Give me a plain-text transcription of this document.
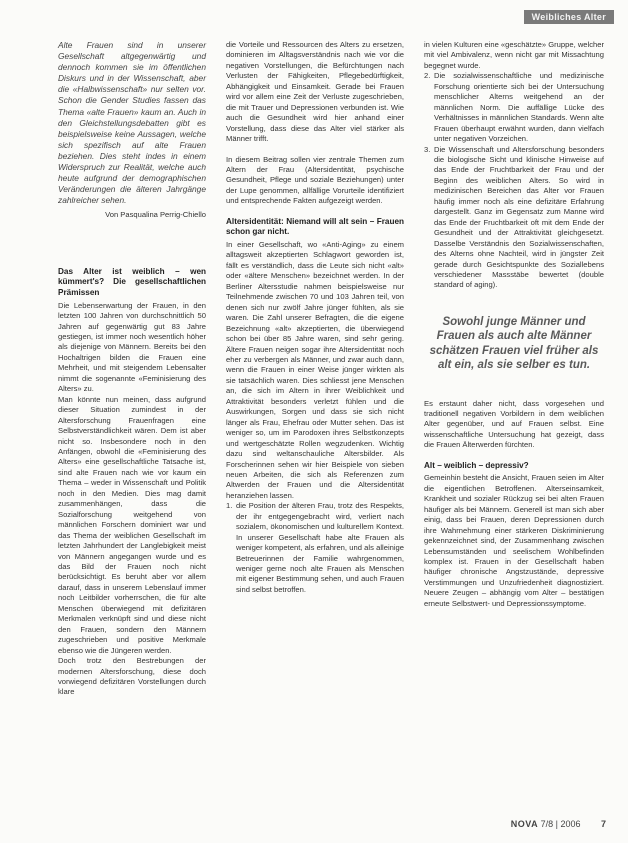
Weibliches Alter

Alte Frauen sind in unserer Gesellschaft altgegenwärtig und dennoch kommen sie im öffentlichen Diskurs und in der Wissenschaft, aber die «Halbwissenschaft» nur selten vor. Schon die Gender Studies fassen das Thema «alte Frauen» kaum an. Auch in den Gleichstellungsdebatten gibt es beispielsweise keine Aussagen, welche sich spezifisch auf alte Frauen beziehen. Dies steht indes in einem Widerspruch zur Realität, welche auch heute aufgrund der demographischen Veränderungen die älteren Jahrgänge zahlreicher sehen.

Von Pasqualina Perrig-Chiello

Das Alter ist weiblich – wen kümmert's? Die gesellschaftlichen Prämissen

Die Lebenserwartung der Frauen, in den letzten 100 Jahren von durchschnittlich 50 Jahren auf gegenwärtig gut 83 Jahre gestiegen, ist immer noch wesentlich höher als diejenige von Männern. Bereits bei den Hochaltrigen bilden die Frauen eine Mehrheit, und mit steigendem Lebensalter nimmt die sogenannte «Feminisierung des Alters» zu.

Man könnte nun meinen, dass aufgrund dieser Situation zumindest in der Altersforschung Frauenfragen eine Selbstverständlichkeit wären. Dem ist aber nicht so. Insbesondere noch in den Anfängen, obwohl die «Feminisierung des Alters» eine gesellschaftliche Tatsache ist, sind alte Frauen nach wie vor kaum ein Thema – weder in Wissenschaft und Politik noch in den Medien. Dies mag damit zusammenhängen, dass die Sozialforschung weitgehend von männlichen Forschern dominiert war und das Thema der weiblichen Gesellschaft im letzten Jahrhundert der Langlebigkeit meist von Männern angegangen wurde und es das Bild der Frauen noch nicht berücksichtigt. Es beruht aber vor allem darauf, dass in unserem Lebenslauf immer noch Leitbilder vorherrschen, die für alte Menschen überwiegend mit defizitären Merkmalen verknüpft sind und diese nicht den Frauen, sondern den Männern zugeschrieben und positive Merkmale ebenso wie die Jüngeren werden.

Doch trotz den Bestrebungen der modernen Altersforschung, diese doch vorwiegend defizitären Vorstellungen durch klare

die Vorteile und Ressourcen des Alters zu ersetzen, dominieren im Alltagsverständnis nach wie vor die negativen Vorstellungen, die Befürchtungen nach Verlusten der Fähigkeiten, Pflegebedürftigkeit, Abhängigkeit und Einsamkeit. Gerade bei Frauen wird vor allem eine Zeit der Verluste zugeschrieben, die mit Trauer und Depressionen verbunden ist. Wie auch die Gesundheit wird hier anhand einer Vorstellung, dass diese das Alter viel stärker als Männer trifft.

In diesem Beitrag sollen vier zentrale Themen zum Altern der Frau (Altersidentität, psychische Gesundheit, Pflege und soziale Beziehungen) unter der Lupe genommen, allfällige Vorurteile identifiziert und entsprechende Fakten aufgezeigt werden.

Altersidentität: Niemand will alt sein – Frauen schon gar nicht.

In einer Gesellschaft, wo «Anti-Aging» zu einem alltagsweit akzeptierten Schlagwort geworden ist, fällt es verständlich, dass die Leute sich nicht «alt» oder «ältere Menschen» bezeichnet werden. In der Berliner Altersstudie nahmen beispielsweise nur Teilnehmende zwischen 70 und 103 Jahren teil, von denen sich nur zwölf Jahre jünger fühlten, als sie waren. Die Zahl unserer Befragten, die die eigene Bezeichnung «alt» akzeptierten, die überwiegend schon bei über 85 Jahre waren, sind sehr gering. Ältere Frauen neigen sogar ihre Altersidentität noch eher zu verbergen als Männer, und zwar auch dann, wenn die Frauen in einer Weise jünger wirkten als sie tatsächlich waren. Dies schliesst jene Menschen an, die sich im Altern in ihrer Weiblichkeit und Attraktivität besonders verletzt fühlen und die Auswirkungen, Sorgen und dass sie sich nicht länger als Frau, Ehefrau oder Mutter sehen. Das ist weniger so, um im Parodoxen ihres Selbstkonzepts und wertgeschätzte Rollen wegzudenken. Wichtig dazu sind weltanschauliche Altersbilder. Als Forscherinnen sehen wir hier Beispiele von sieben neuen Arbeiten, die sich als Referenzen zum Altwerden der Frauen und die Altersidentität heranziehen lassen.

1. die Position der älteren Frau, trotz des Respekts, der ihr entgegengebracht wird, verliert nach sozialem, ökonomischen und kulturellem Kontext. In unserer Gesellschaft habe alte Frauen als weniger kompetent, als erfahren, und als alleinige Betreuerinnen der Familie wahrgenommen, weniger gerne noch alte Frauen als Menschen mit eigener Bestimmung sehen, und auch Frauen sind selbst betroffen.

in vielen Kulturen eine «geschätzte» Gruppe, welcher mit viel Ambivalenz, wenn nicht gar mit Missachtung begegnet wurde.

2. Die sozialwissenschaftliche und medizinische Forschung orientierte sich bei der Untersuchung menschlicher Alterns weitgehend an der männlichen Norm. Die auffällige Lücke des Verhältnisses in männlichen Standards. Wenn alte Frauen überhaupt erwähnt wurden, dann vielfach unter negativen Vorzeichen.
3. Die Wissenschaft und Altersforschung besonders die biologische Sicht und klinische Hinweise auf das Ende der Fruchtbarkeit der Frau und der Beginn des weiblichen Alters. So wird in medizinischen Bereichen das Alter vor Frauen häufig immer noch als eine defizitäre Erfahrung dargestellt. Ganz im Gegensatz zum Manne wird das Ende der Fruchtbarkeit oft mit dem Ende der Gesundheit und der Attraktivität gleichgesetzt. Dasselbe Verständnis den Sozialwissenschaften, des Alterns ohne Nachteil, wird in jüngster Zeit gerade durch Gesichtspunkte des Soziallebens verschiedener Massstäbe bewertet (double standard of aging).

Sowohl junge Männer und Frauen als auch alte Männer schätzen Frauen viel früher als alt ein, als sie selber es tun.

Es erstaunt daher nicht, dass vorgesehen und traditionell negativen Vorbildern in dem weiblichen Alter gegenüber, und auf Frauen selbst. Eine wissenschaftliche Untersuchung hat gezeigt, dass die Frauen Älterwerden fürchten.

Alt – weiblich – depressiv?

Gemeinhin besteht die Ansicht, Frauen seien im Alter die eigentlichen Betroffenen. Alterseinsamkeit, Krankheit und sozialer Rückzug sei bei alten Frauen häufiger als bei Männern. Generell ist man sich aber einig, dass bei Frauen, deren Depressionen durch ihre Wahrnehmung einer stärkeren Diskriminierung gekennzeichnet sind, der Zusammenhang zwischen Lebensumständen und seelischem Wohlbefinden komplex ist. Frauen in der Gesellschaft haben häufiger chronische Angstzustände, depressive Verstimmungen und Unzufriedenheit diagnostiziert. Neuere Zeugen – abhängig vom Alter – bestätigen erneute Selbstwert- und Depressionssymptome.

NOVA 7/8 | 2006 7
